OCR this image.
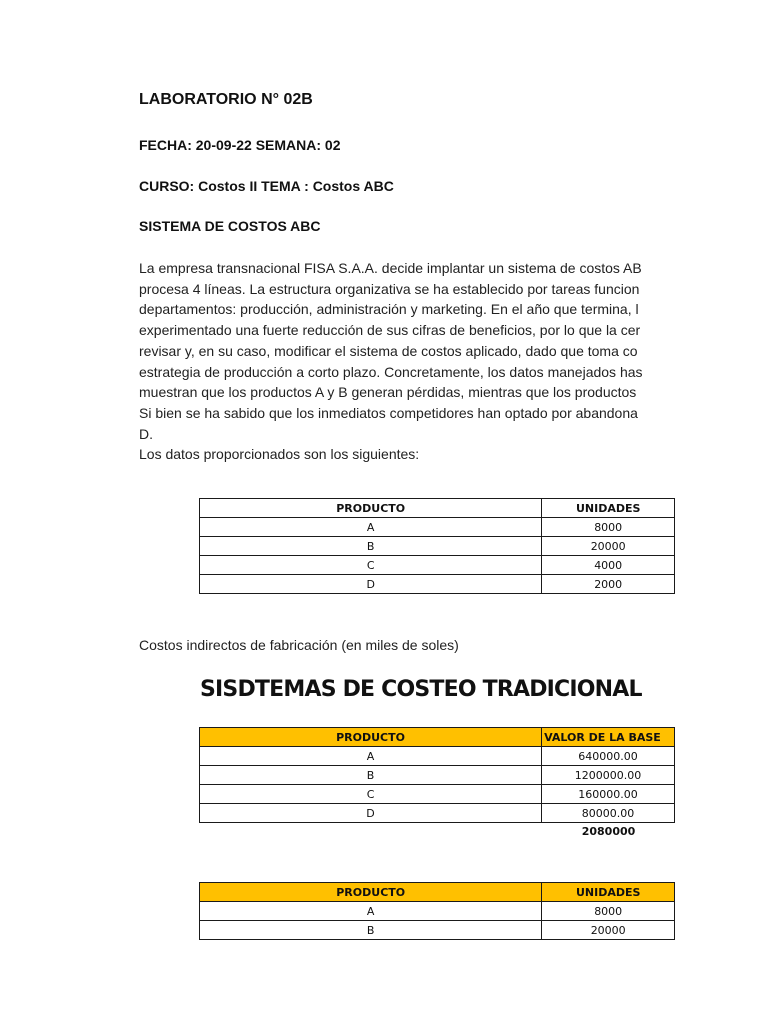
LABORATORIO N° 02B
FECHA: 20-09-22 SEMANA: 02
CURSO: Costos II TEMA : Costos ABC
SISTEMA DE COSTOS ABC
La empresa transnacional FISA S.A.A. decide implantar un sistema de costos AB
procesa 4 líneas. La estructura organizativa se ha establecido por tareas funcion
departamentos: producción, administración y marketing. En el año que termina, l
experimentado una fuerte reducción de sus cifras de beneficios, por lo que la cer
revisar y, en su caso, modificar el sistema de costos aplicado, dado que toma co
estrategia de producción a corto plazo. Concretamente, los datos manejados has
muestran que los productos A y B generan pérdidas, mientras que los productos
Si bien se ha sabido que los inmediatos competidores han optado por abandona
D.
Los datos proporcionados son los siguientes:
PRODUCTO	UNIDADES
A	8000
B	20000
C	4000
D	2000
Costos indirectos de fabricación (en miles de soles)
SISDTEMAS DE COSTEO TRADICIONAL
PRODUCTO	VALOR DE LA BASE
A	640000.00
B	1200000.00
C	160000.00
D	80000.00
2080000
PRODUCTO	UNIDADES
A	8000
B	20000
